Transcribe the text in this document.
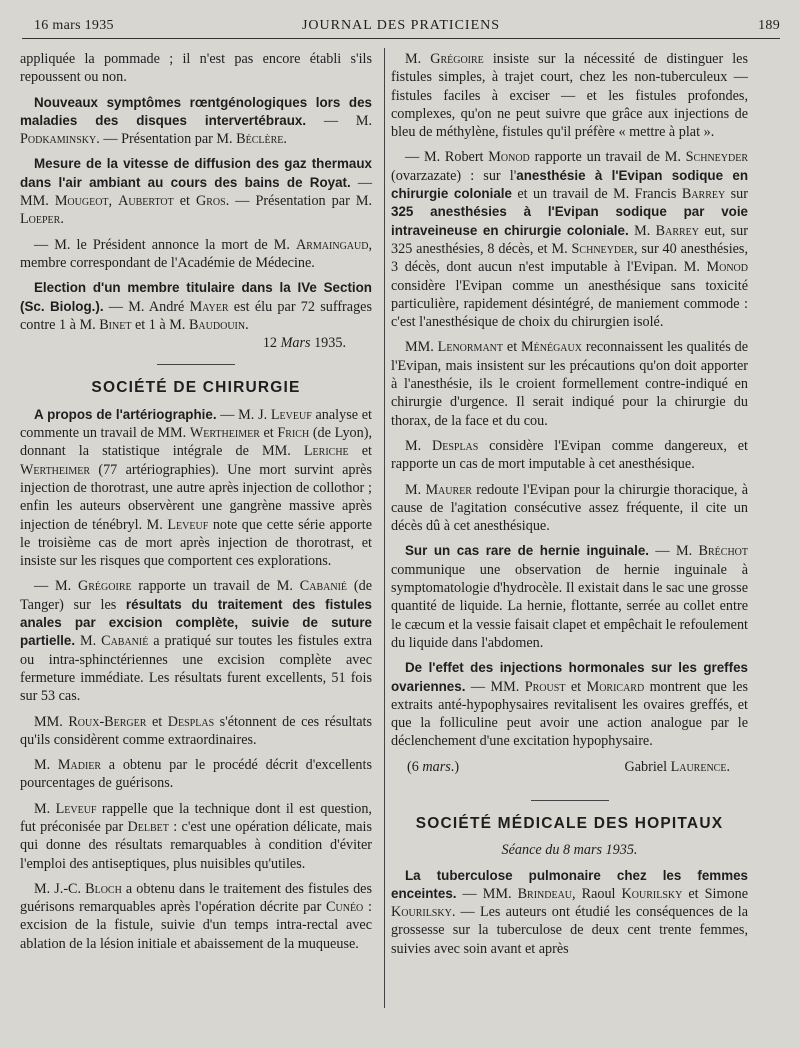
16 mars 1935	JOURNAL DES PRATICIENS	189

appliquée la pommade ; il n'est pas encore établi s'ils repoussent ou non.

Nouveaux symptômes rœntgénologiques lors des maladies des disques intervertébraux. — M. Podkaminsky. — Présentation par M. Béclère.

Mesure de la vitesse de diffusion des gaz thermaux dans l'air ambiant au cours des bains de Royat. — MM. Mougeot, Aubertot et Gros. — Présentation par M. Loeper.

— M. le Président annonce la mort de M. Armaingaud, membre correspondant de l'Académie de Médecine.

Election d'un membre titulaire dans la IVe Section (Sc. Biolog.). — M. André Mayer est élu par 72 suffrages contre 1 à M. Binet et 1 à M. Baudouin.

12 Mars 1935.

SOCIÉTÉ DE CHIRURGIE

A propos de l'artériographie. — M. J. Leveuf analyse et commente un travail de MM. Wertheimer et Frich (de Lyon), donnant la statistique intégrale de MM. Leriche et Wertheimer (77 artériographies). Une mort survint après injection de thorotrast, une autre après injection de collothor ; enfin les auteurs observèrent une gangrène massive après injection de ténébryl. M. Leveuf note que cette série apporte le troisième cas de mort après injection de thorotrast, et insiste sur les risques que comportent ces explorations.

— M. Grégoire rapporte un travail de M. Cabanié (de Tanger) sur les résultats du traitement des fistules anales par excision complète, suivie de suture partielle. M. Cabanié a pratiqué sur toutes les fistules extra ou intra-sphinctériennes une excision complète avec fermeture immédiate. Les résultats furent excellents, 51 fois sur 53 cas.

MM. Roux-Berger et Desplas s'étonnent de ces résultats qu'ils considèrent comme extraordinaires.

M. Madier a obtenu par le procédé décrit d'excellents pourcentages de guérisons.

M. Leveuf rappelle que la technique dont il est question, fut préconisée par Delbet : c'est une opération délicate, mais qui donne des résultats remarquables à condition d'éviter l'emploi des antiseptiques, plus nuisibles qu'utiles.

M. J.-C. Bloch a obtenu dans le traitement des fistules des guérisons remarquables après l'opération décrite par Cunéo : excision de la fistule, suivie d'un temps intra-rectal avec ablation de la lésion initiale et abaissement de la muqueuse.

M. Grégoire insiste sur la nécessité de distinguer les fistules simples, à trajet court, chez les non-tuberculeux — fistules faciles à exciser — et les fistules profondes, complexes, qu'on ne peut suivre que grâce aux injections de bleu de méthylène, fistules qu'il préfère « mettre à plat ».

— M. Robert Monod rapporte un travail de M. Schneyder (ovarzazate) : sur l'anesthésie à l'Evipan sodique en chirurgie coloniale et un travail de M. Francis Barrey sur 325 anesthésies à l'Evipan sodique par voie intraveineuse en chirurgie coloniale. M. Barrey eut, sur 325 anesthésies, 8 décès, et M. Schneyder, sur 40 anesthésies, 3 décès, dont aucun n'est imputable à l'Evipan. M. Monod considère l'Evipan comme un anesthésique sans toxicité particulière, rapidement désintégré, de maniement commode : c'est l'anesthésique de choix du chirurgien isolé.

MM. Lenormant et Ménégaux reconnaissent les qualités de l'Evipan, mais insistent sur les précautions qu'on doit apporter à l'anesthésie, ils le croient formellement contre-indiqué en chirurgie d'urgence. Il serait indiqué pour la chirurgie du thorax, de la face et du cou.

M. Desplas considère l'Evipan comme dangereux, et rapporte un cas de mort imputable à cet anesthésique.

M. Maurer redoute l'Evipan pour la chirurgie thoracique, à cause de l'agitation consécutive assez fréquente, il cite un décès dû à cet anesthésique.

Sur un cas rare de hernie inguinale. — M. Bréchot communique une observation de hernie inguinale à symptomatologie d'hydrocèle. Il existait dans le sac une grosse quantité de liquide. La hernie, flottante, serrée au collet entre le cæcum et la vessie faisait clapet et empêchait le refoulement du liquide dans l'abdomen.

De l'effet des injections hormonales sur les greffes ovariennes. — MM. Proust et Moricard montrent que les extraits anté-hypophysaires revitalisent les ovaires greffés, et que la folliculine peut avoir une action analogue par le déclenchement d'une excitation hypophysaire.

(6 mars.)	Gabriel Laurence.
SOCIÉTÉ MÉDICALE DES HOPITAUX

Séance du 8 mars 1935.

La tuberculose pulmonaire chez les femmes enceintes. — MM. Brindeau, Raoul Kourilsky et Simone Kourilsky. — Les auteurs ont étudié les conséquences de la grossesse sur la tuberculose de deux cent trente femmes, suivies avec soin avant et après
